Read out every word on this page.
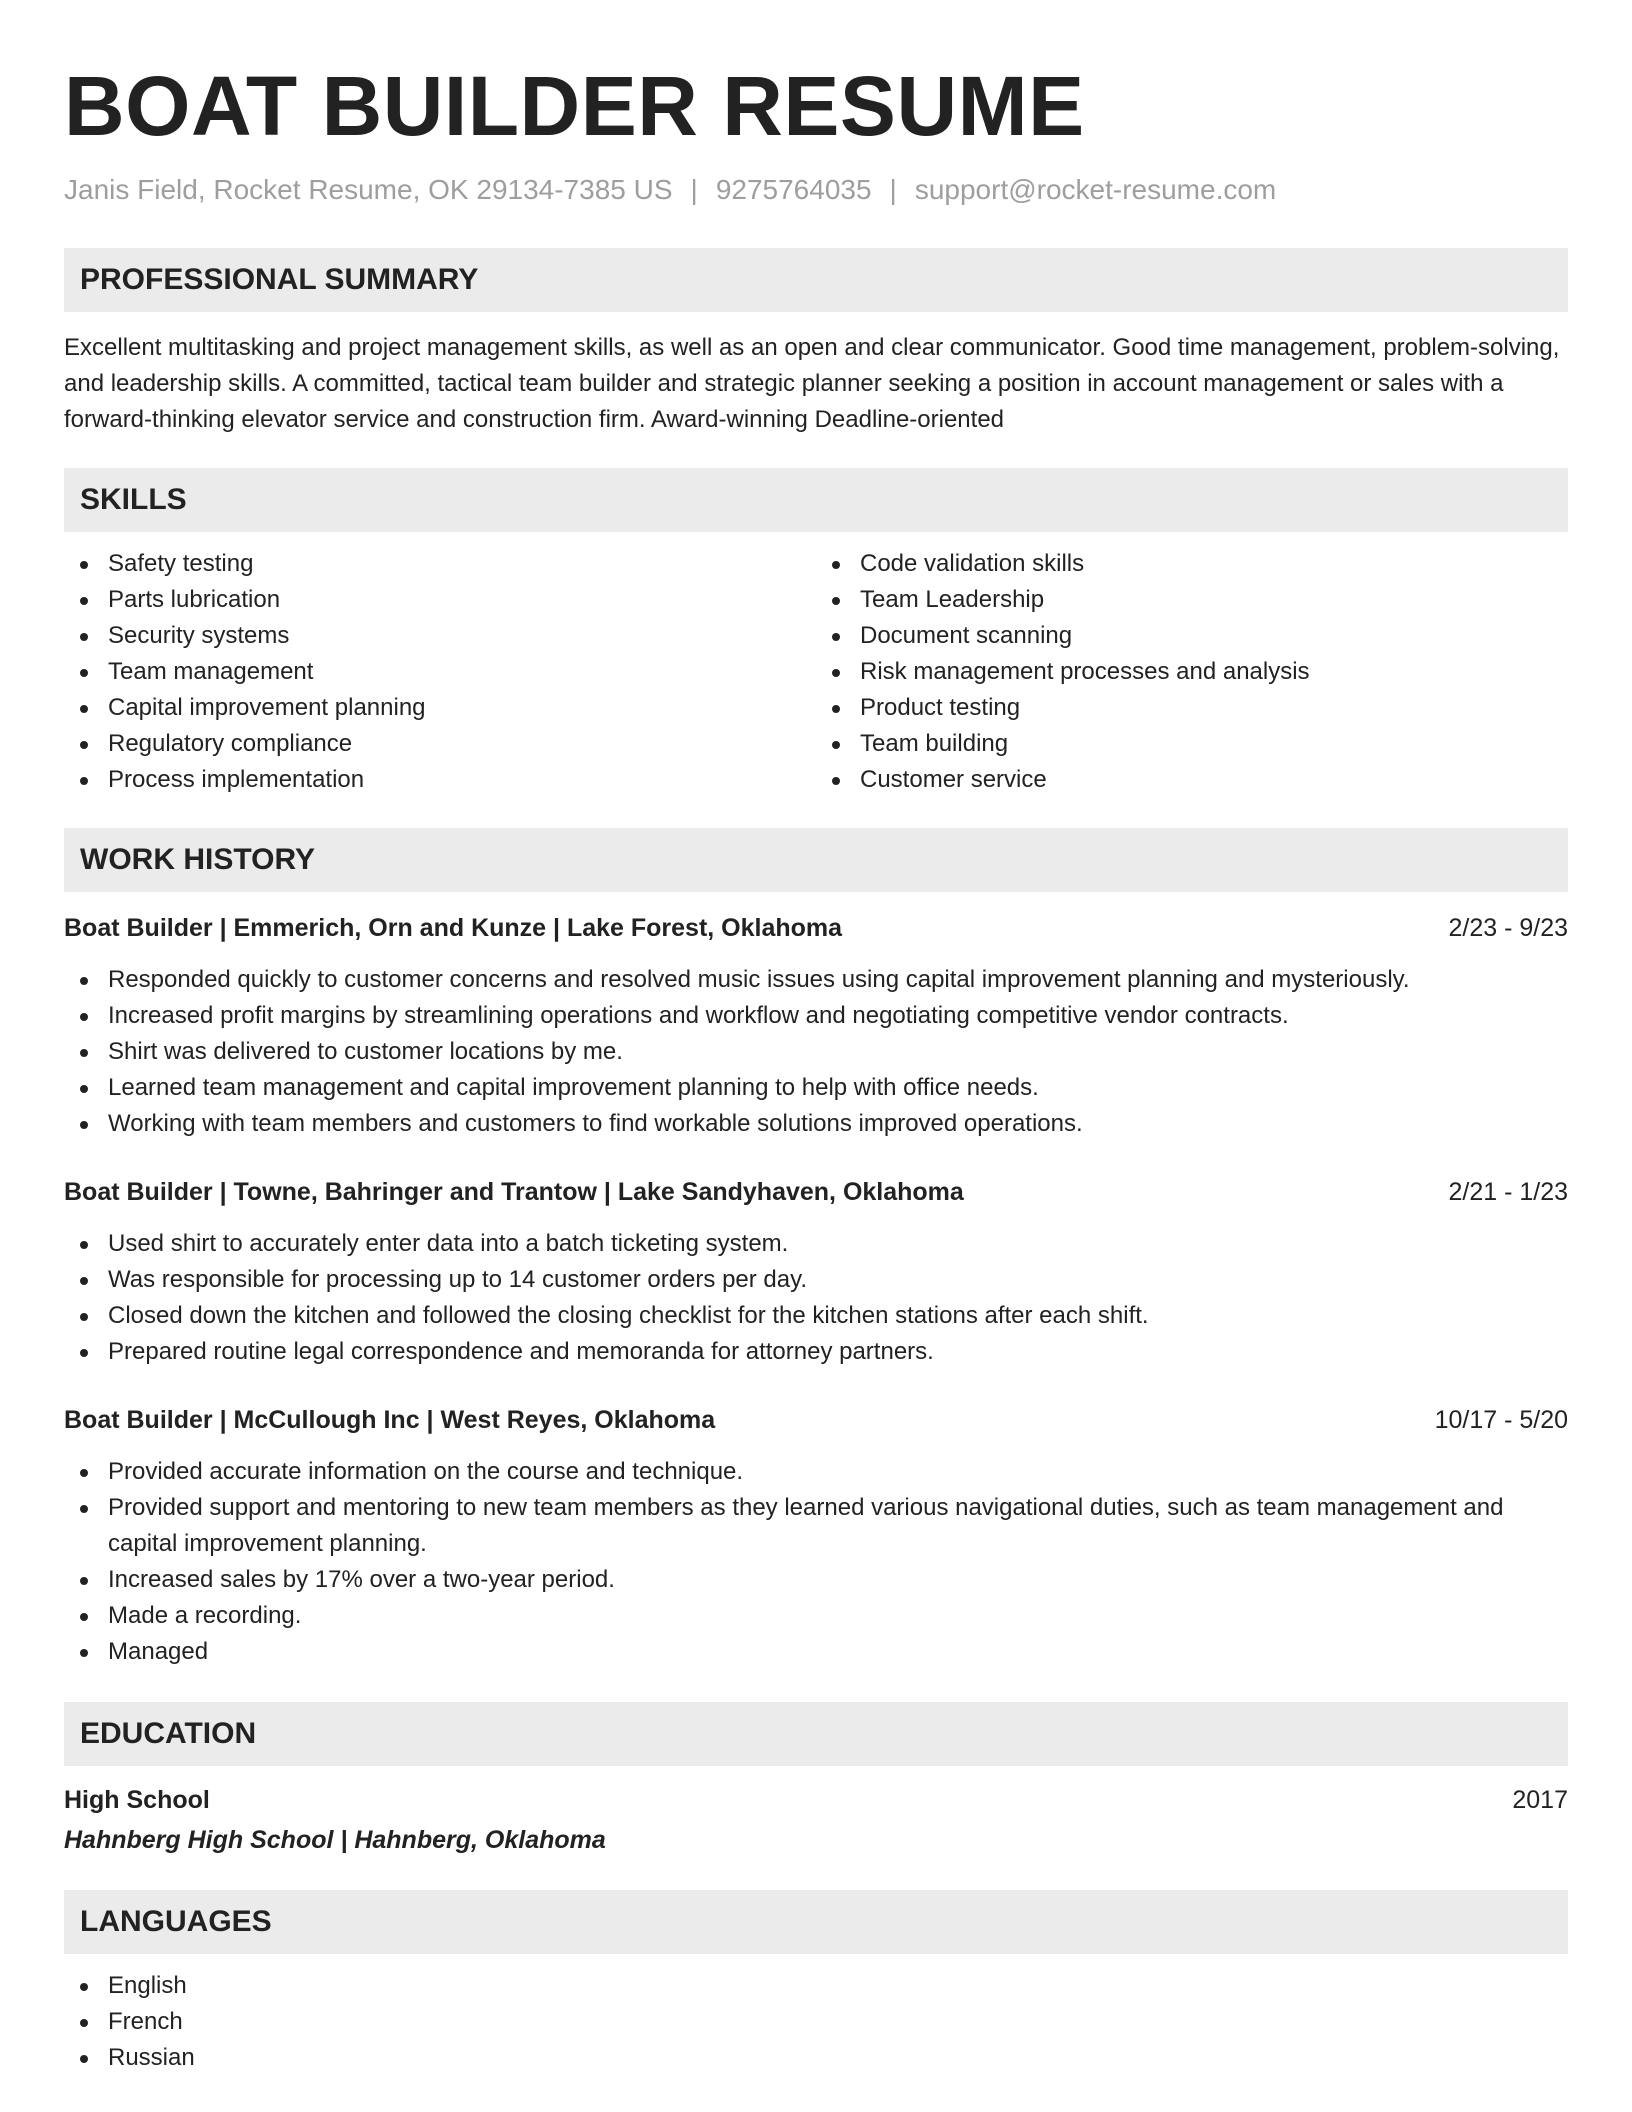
BOAT BUILDER RESUME
Janis Field, Rocket Resume, OK 29134-7385 US | 9275764035 | support@rocket-resume.com
PROFESSIONAL SUMMARY
Excellent multitasking and project management skills, as well as an open and clear communicator. Good time management, problem-solving, and leadership skills. A committed, tactical team builder and strategic planner seeking a position in account management or sales with a forward-thinking elevator service and construction firm. Award-winning Deadline-oriented
SKILLS
Safety testing
Parts lubrication
Security systems
Team management
Capital improvement planning
Regulatory compliance
Process implementation
Code validation skills
Team Leadership
Document scanning
Risk management processes and analysis
Product testing
Team building
Customer service
WORK HISTORY
Boat Builder | Emmerich, Orn and Kunze | Lake Forest, Oklahoma	2/23 - 9/23
Responded quickly to customer concerns and resolved music issues using capital improvement planning and mysteriously.
Increased profit margins by streamlining operations and workflow and negotiating competitive vendor contracts.
Shirt was delivered to customer locations by me.
Learned team management and capital improvement planning to help with office needs.
Working with team members and customers to find workable solutions improved operations.
Boat Builder | Towne, Bahringer and Trantow | Lake Sandyhaven, Oklahoma	2/21 - 1/23
Used shirt to accurately enter data into a batch ticketing system.
Was responsible for processing up to 14 customer orders per day.
Closed down the kitchen and followed the closing checklist for the kitchen stations after each shift.
Prepared routine legal correspondence and memoranda for attorney partners.
Boat Builder | McCullough Inc | West Reyes, Oklahoma	10/17 - 5/20
Provided accurate information on the course and technique.
Provided support and mentoring to new team members as they learned various navigational duties, such as team management and capital improvement planning.
Increased sales by 17% over a two-year period.
Made a recording.
Managed
EDUCATION
High School	2017
Hahnberg High School | Hahnberg, Oklahoma
LANGUAGES
English
French
Russian
